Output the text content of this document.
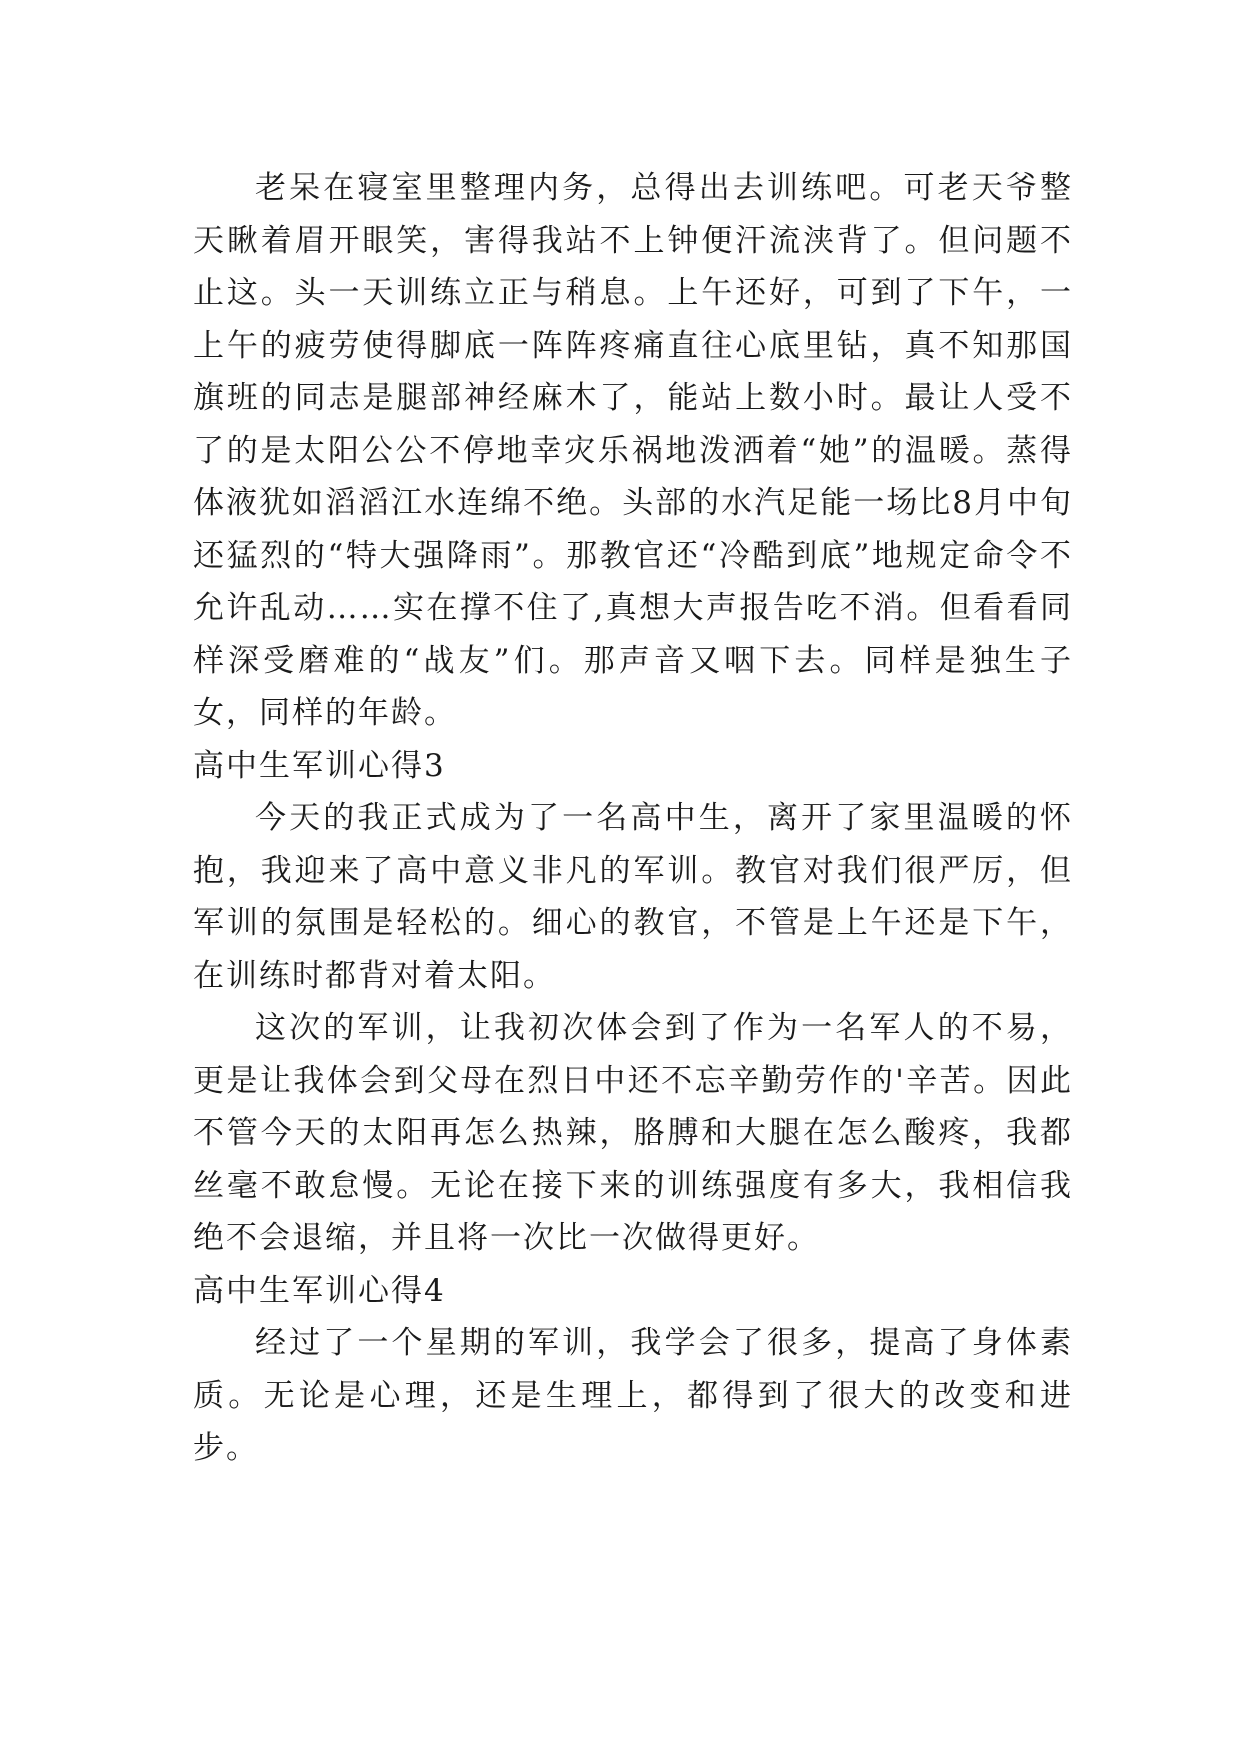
老呆在寝室里整理内务，总得出去训练吧。可老天爷整天瞅着眉开眼笑，害得我站不上钟便汗流浃背了。但问题不止这。头一天训练立正与稍息。上午还好，可到了下午，一上午的疲劳使得脚底一阵阵疼痛直往心底里钻，真不知那国旗班的同志是腿部神经麻木了，能站上数小时。最让人受不了的是太阳公公不停地幸灾乐祸地泼洒着“她”的温暖。蒸得体液犹如滔滔江水连绵不绝。头部的水汽足能一场比8月中旬还猛烈的“特大强降雨”。那教官还“冷酷到底”地规定命令不允许乱动……实在撑不住了,真想大声报告吃不消。但看看同样深受磨难的“战友”们。那声音又咽下去。同样是独生子女，同样的年龄。

高中生军训心得3

今天的我正式成为了一名高中生，离开了家里温暖的怀抱，我迎来了高中意义非凡的军训。教官对我们很严厉，但军训的氛围是轻松的。细心的教官，不管是上午还是下午，在训练时都背对着太阳。

这次的军训，让我初次体会到了作为一名军人的不易，更是让我体会到父母在烈日中还不忘辛勤劳作的'辛苦。因此不管今天的太阳再怎么热辣，胳膊和大腿在怎么酸疼，我都丝毫不敢怠慢。无论在接下来的训练强度有多大，我相信我绝不会退缩，并且将一次比一次做得更好。

高中生军训心得4

经过了一个星期的军训，我学会了很多，提高了身体素质。无论是心理，还是生理上，都得到了很大的改变和进步。
